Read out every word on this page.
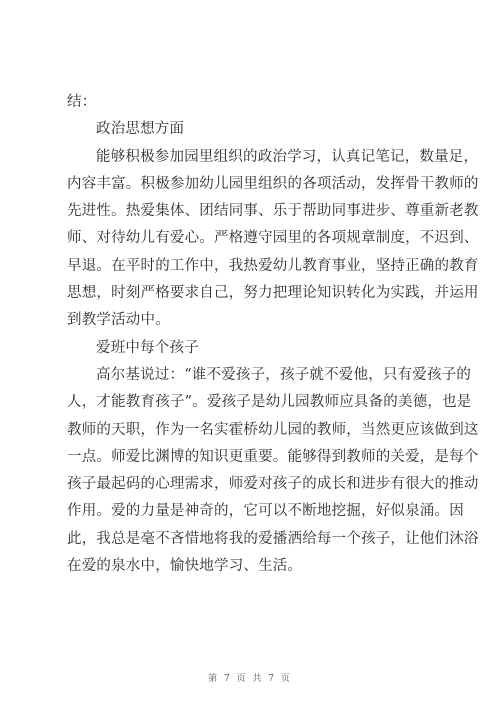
结：
政治思想方面
能够积极参加园里组织的政治学习，认真记笔记，数量足，
内容丰富。积极参加幼儿园里组织的各项活动，发挥骨干教师的
先进性。热爱集体、团结同事、乐于帮助同事进步、尊重新老教
师、对待幼儿有爱心。严格遵守园里的各项规章制度，不迟到、
早退。在平时的工作中，我热爱幼儿教育事业，坚持正确的教育
思想，时刻严格要求自己，努力把理论知识转化为实践，并运用
到教学活动中。
爱班中每个孩子
高尔基说过：“谁不爱孩子，孩子就不爱他，只有爱孩子的
人，才能教育孩子”。爱孩子是幼儿园教师应具备的美德，也是
教师的天职，作为一名实霍桥幼儿园的教师，当然更应该做到这
一点。师爱比渊博的知识更重要。能够得到教师的关爱，是每个
孩子最起码的心理需求，师爱对孩子的成长和进步有很大的推动
作用。爱的力量是神奇的，它可以不断地挖掘，好似泉涌。因
此，我总是毫不吝惜地将我的爱播洒给每一个孩子，让他们沐浴
在爱的泉水中，愉快地学习、生活。
第 7 页 共 7 页
